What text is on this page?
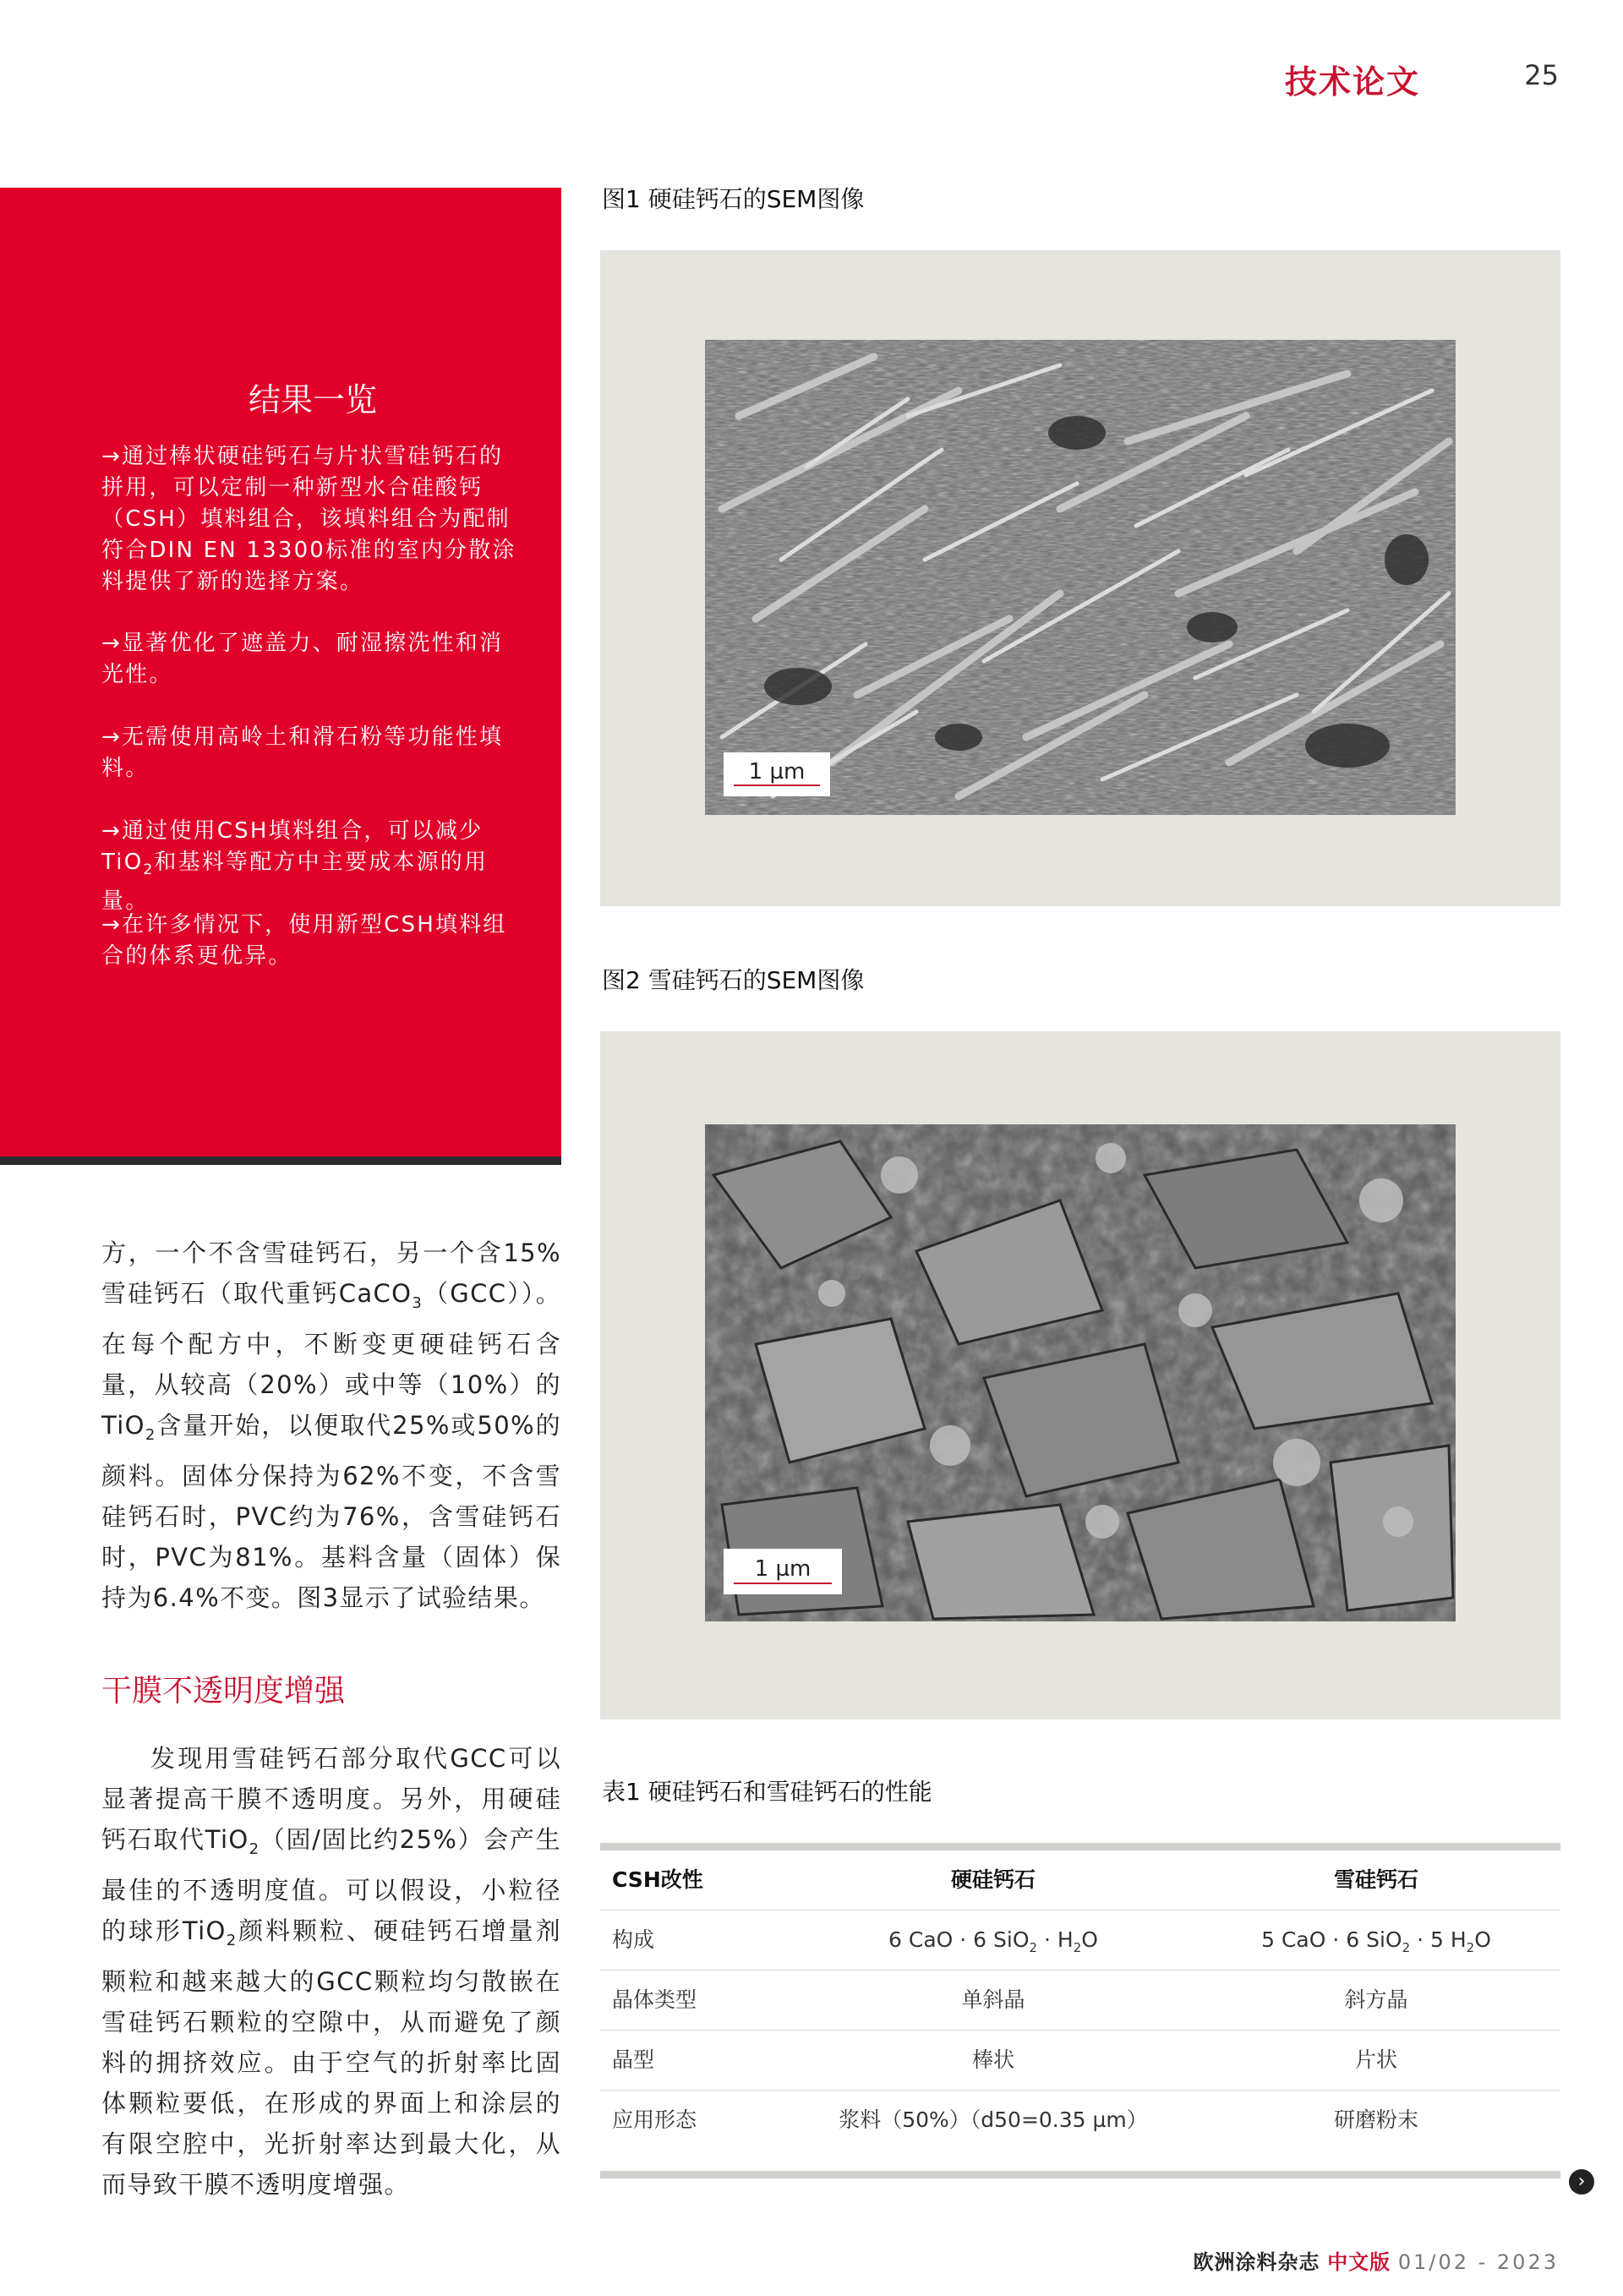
技术论文	25
结果一览
→通过棒状硬硅钙石与片状雪硅钙石的拼用，可以定制一种新型水合硅酸钙（CSH）填料组合，该填料组合为配制符合DIN EN 13300标准的室内分散涂料提供了新的选择方案。
→显著优化了遮盖力、耐湿擦洗性和消光性。
→无需使用高岭土和滑石粉等功能性填料。
→通过使用CSH填料组合，可以减少TiO$_2$和基料等配方中主要成本源的用量。
→在许多情况下，使用新型CSH填料组合的体系更优异。
方，一个不含雪硅钙石，另一个含15%雪硅钙石（取代重钙CaCO$_3$（GCC））。在每个配方中，不断变更硬硅钙石含量，从较高（20%）或中等（10%）的TiO$_2$含量开始，以便取代25%或50%的颜料。固体分保持为62%不变，不含雪硅钙石时，PVC约为76%，含雪硅钙石时，PVC为81%。基料含量（固体）保持为6.4%不变。图3显示了试验结果。
干膜不透明度增强
发现用雪硅钙石部分取代GCC可以显著提高干膜不透明度。另外，用硬硅钙石取代TiO$_2$（固/固比约25%）会产生最佳的不透明度值。可以假设，小粒径的球形TiO$_2$颜料颗粒、硬硅钙石增量剂颗粒和越来越大的GCC颗粒均匀散嵌在雪硅钙石颗粒的空隙中，从而避免了颜料的拥挤效应。由于空气的折射率比固体颗粒要低，在形成的界面上和涂层的有限空腔中，光折射率达到最大化，从而导致干膜不透明度增强。
图1 硬硅钙石的SEM图像
1 µm
图2 雪硅钙石的SEM图像
1 µm
表1 硬硅钙石和雪硅钙石的性能
CSH改性	硬硅钙石	雪硅钙石
构成	6 CaO · 6 $SiO_2 \cdot H_2O$	5 CaO · 6 SiO$_2$ · 5 $H_2O$
晶体类型	单斜晶	斜方晶
晶型	棒状	片状
应用形态	浆料（50%）（d50=0.35 µm）	研磨粉末
›
欧洲涂料杂志 中文版 01/02 - 2023
